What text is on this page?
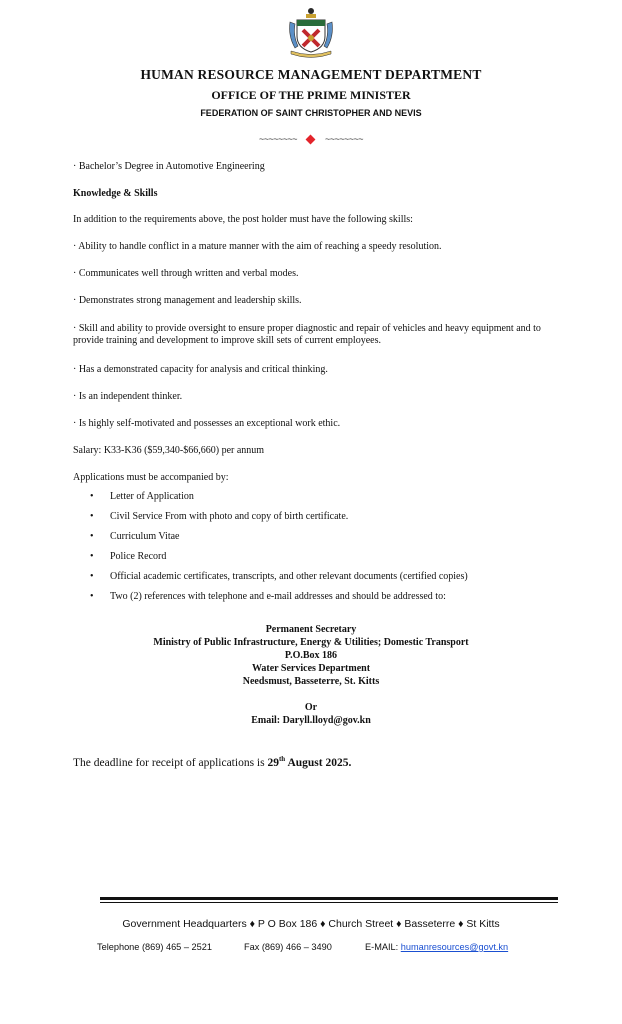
HUMAN RESOURCE MANAGEMENT DEPARTMENT
OFFICE OF THE PRIME MINISTER
FEDERATION OF SAINT CHRISTOPHER AND NEVIS
~~~~~~~~	~~~~~~~~
· Bachelor’s Degree in Automotive Engineering
Knowledge & Skills
In addition to the requirements above, the post holder must have the following skills:
· Ability to handle conflict in a mature manner with the aim of reaching a speedy resolution.
· Communicates well through written and verbal modes.
· Demonstrates strong management and leadership skills.
· Skill and ability to provide oversight to ensure proper diagnostic and repair of vehicles and heavy equipment and to provide training and development to improve skill sets of current employees.
· Has a demonstrated capacity for analysis and critical thinking.
· Is an independent thinker.
· Is highly self-motivated and possesses an exceptional work ethic.
Salary: K33-K36 ($59,340-$66,660) per annum
Applications must be accompanied by:
• Letter of Application
• Civil Service From with photo and copy of birth certificate.
• Curriculum Vitae
• Police Record
• Official academic certificates, transcripts, and other relevant documents (certified copies)
• Two (2) references with telephone and e-mail addresses and should be addressed to:
Permanent Secretary
Ministry of Public Infrastructure, Energy & Utilities; Domestic Transport
P.O.Box 186
Water Services Department
Needsmust, Basseterre, St. Kitts
Or
Email: Daryll.lloyd@gov.kn
The deadline for receipt of applications is 29th August 2025.
Government Headquarters ♦ P O Box 186 ♦ Church Street ♦ Basseterre ♦ St Kitts
Telephone (869) 465 – 2521	Fax (869) 466 – 3490	E-MAIL: humanresources@govt.kn
